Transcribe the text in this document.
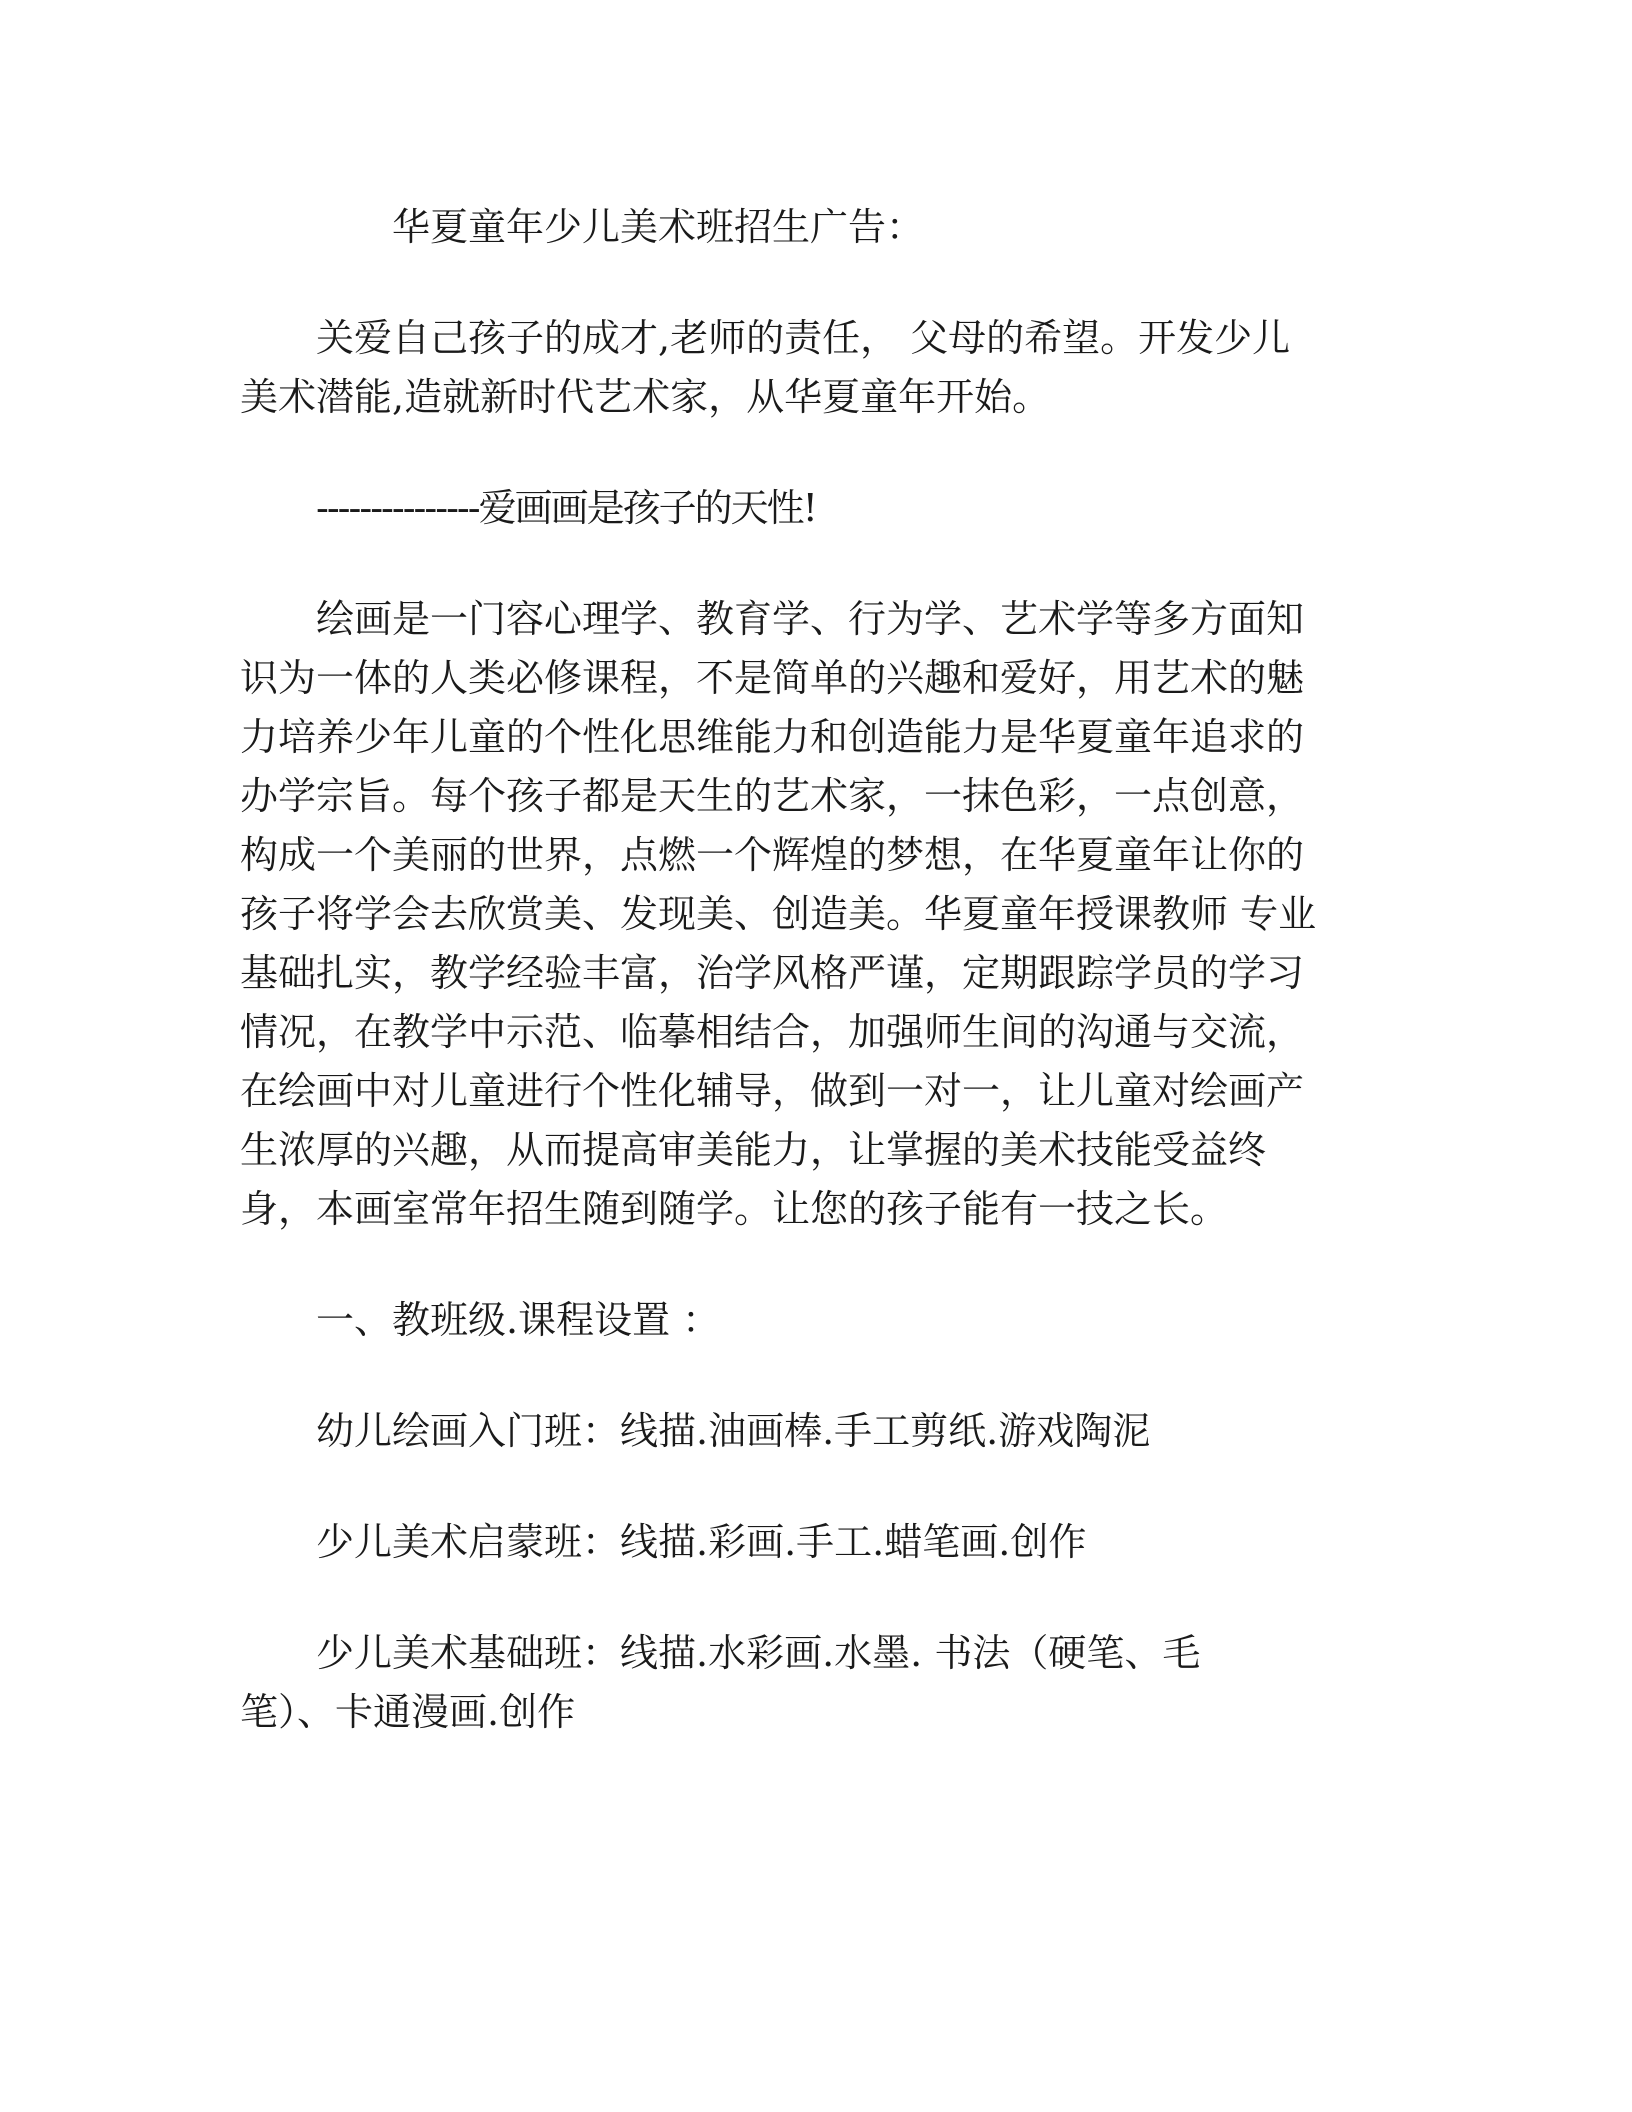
华夏童年少儿美术班招生广告：

关爱自己孩子的成才,老师的责任， 父母的希望。开发少儿
美术潜能,造就新时代艺术家，从华夏童年开始。

---------------爱画画是孩子的天性!

绘画是一门容心理学、教育学、行为学、艺术学等多方面知
识为一体的人类必修课程，不是简单的兴趣和爱好，用艺术的魅
力培养少年儿童的个性化思维能力和创造能力是华夏童年追求的
办学宗旨。每个孩子都是天生的艺术家，一抹色彩，一点创意，
构成一个美丽的世界，点燃一个辉煌的梦想，在华夏童年让你的
孩子将学会去欣赏美、发现美、创造美。华夏童年授课教师 专业
基础扎实，教学经验丰富，治学风格严谨，定期跟踪学员的学习
情况，在教学中示范、临摹相结合，加强师生间的沟通与交流，
在绘画中对儿童进行个性化辅导，做到一对一，让儿童对绘画产
生浓厚的兴趣，从而提高审美能力，让掌握的美术技能受益终
身，本画室常年招生随到随学。让您的孩子能有一技之长。

一、教班级.课程设置 ：

幼儿绘画入门班：线描.油画棒.手工剪纸.游戏陶泥

少儿美术启蒙班：线描.彩画.手工.蜡笔画.创作

少儿美术基础班：线描.水彩画.水墨. 书法（硬笔、毛
笔）、卡通漫画.创作
